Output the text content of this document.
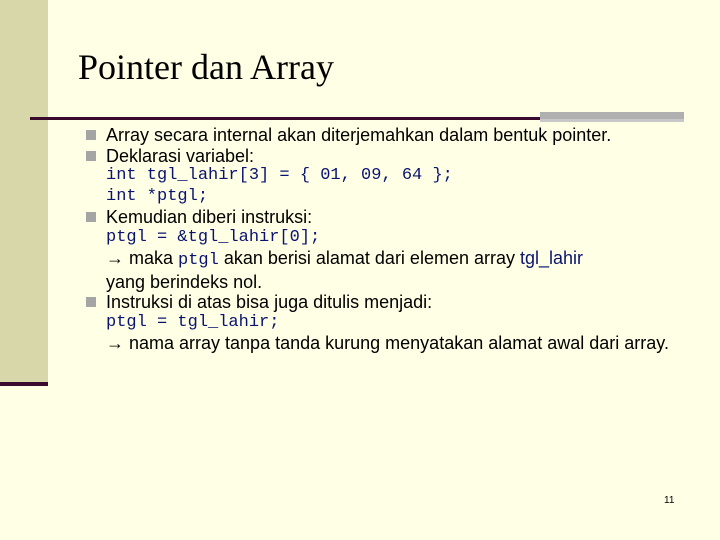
Pointer dan Array
Array secara internal akan diterjemahkan dalam bentuk pointer.
Deklarasi variabel:
int tgl_lahir[3] = { 01, 09, 64 };
int *ptgl;
Kemudian diberi instruksi:
ptgl = &tgl_lahir[0];
→ maka ptgl akan berisi alamat dari elemen array tgl_lahir
yang berindeks nol.
Instruksi di atas bisa juga ditulis menjadi:
ptgl = tgl_lahir;
→ nama array tanpa tanda kurung menyatakan alamat awal dari array.
11
